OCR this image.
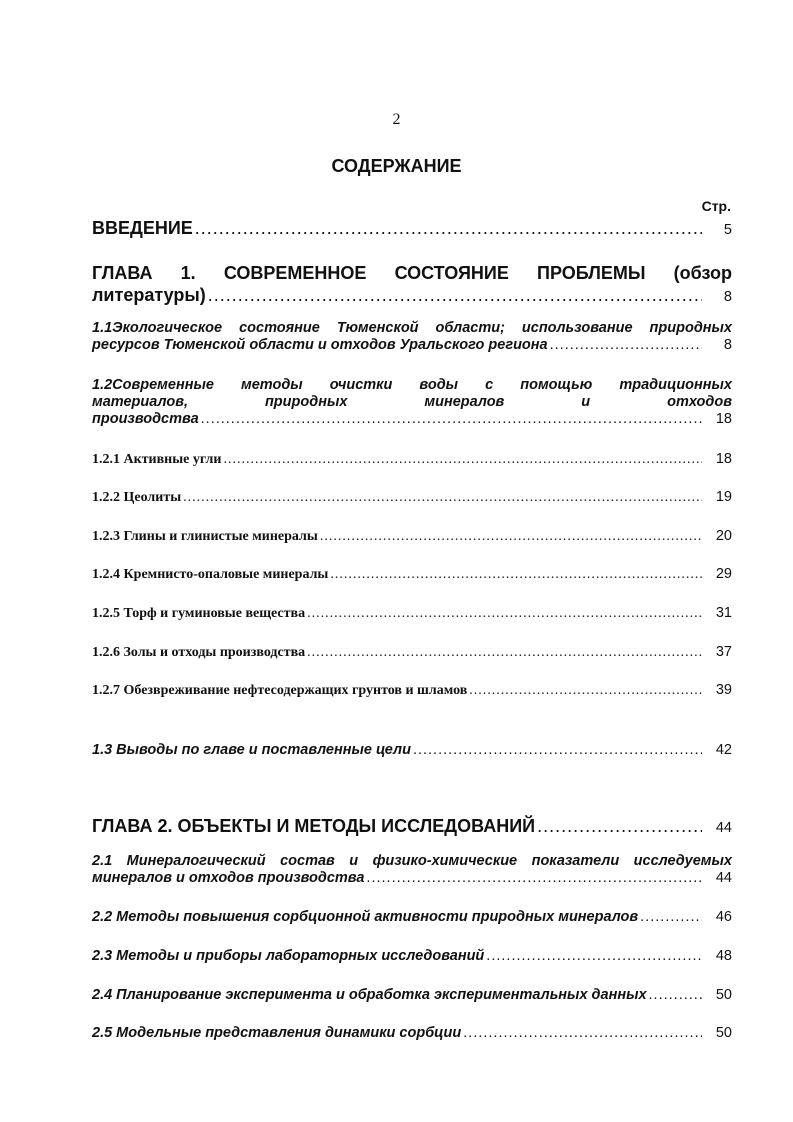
2
СОДЕРЖАНИЕ
Стр.
ВВЕДЕНИЕ .....	5
ГЛАВА 1. СОВРЕМЕННОЕ СОСТОЯНИЕ ПРОБЛЕМЫ (обзор
литературы) .....	8
1.1Экологическое состояние Тюменской области; использование природных
ресурсов Тюменской области и отходов Уральского региона .....	8
1.2Современные методы очистки воды с помощью традиционных
материалов, природных минералов и отходов
производства .....	18
1.2.1 Активные угли .....	18
1.2.2 Цеолиты .....	19
1.2.3 Глины и глинистые минералы .....	20
1.2.4 Кремнисто-опаловые минералы .....	29
1.2.5 Торф и гуминовые вещества .....	31
1.2.6 Золы и отходы производства .....	37
1.2.7 Обезвреживание нефтесодержащих грунтов и шламов .....	39
1.3 Выводы по главе и поставленные цели .....	42
ГЛАВА 2. ОБЪЕКТЫ И МЕТОДЫ ИССЛЕДОВАНИЙ .....	44
2.1 Минералогический состав и физико-химические показатели исследуемых
минералов и отходов производства .....	44
2.2 Методы повышения сорбционной активности природных минералов .....	46
2.3 Методы и приборы лабораторных исследований .....	48
2.4 Планирование эксперимента и обработка экспериментальных данных .....	50
2.5 Модельные представления динамики сорбции .....	50
